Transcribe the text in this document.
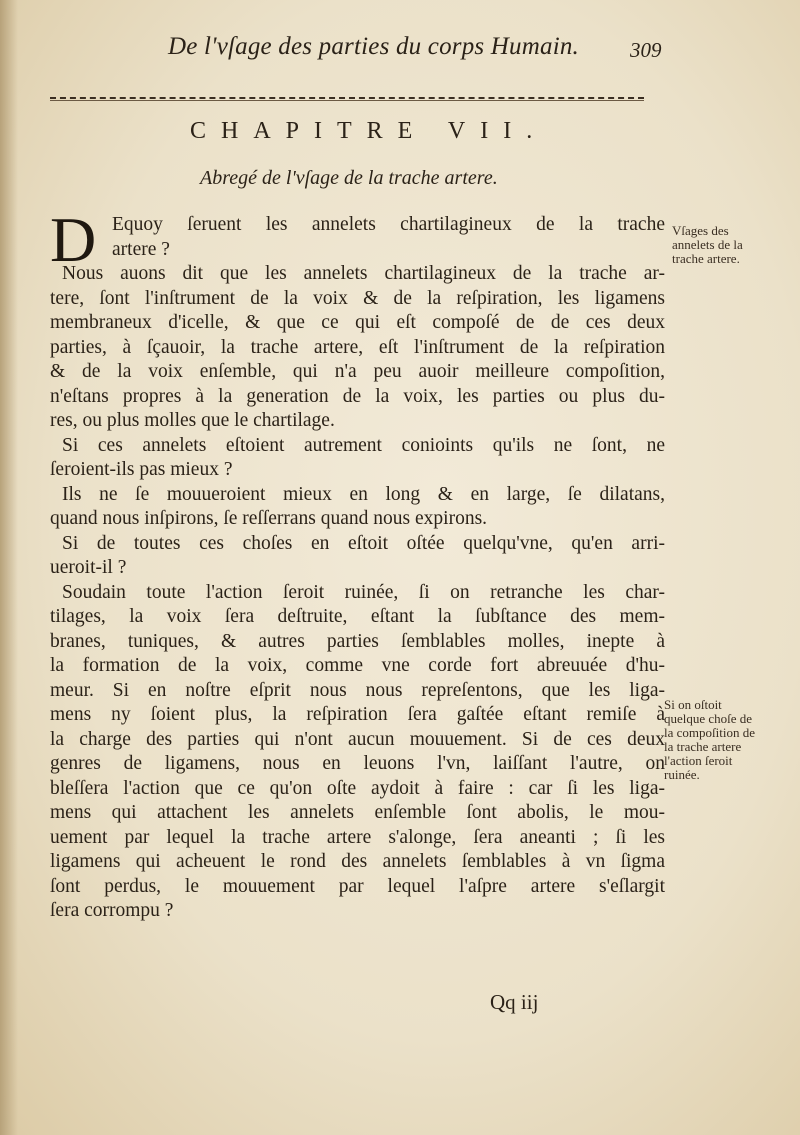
De l'vſage des parties du corps Humain. 309
CHAPITRE VII.
Abregé de l'vſage de la trache artere.
D Equoy ſeruent les annelets chartilagineux de la trache
artere ?
Nous auons dit que les annelets chartilagineux de la trache ar-
tere, ſont l'inſtrument de la voix & de la reſpiration, les ligamens
membraneux d'icelle, & que ce qui eſt compoſé de de ces deux
parties, à ſçauoir, la trache artere, eſt l'inſtrument de la reſpiration
& de la voix enſemble, qui n'a peu auoir meilleure compoſition,
n'eſtans propres à la generation de la voix, les parties ou plus du-
res, ou plus molles que le chartilage.
Si ces annelets eſtoient autrement conioints qu'ils ne ſont, ne
ſeroient-ils pas mieux ?
Ils ne ſe mouueroient mieux en long & en large, ſe dilatans,
quand nous inſpirons, ſe reſſerrans quand nous expirons.
Si de toutes ces choſes en eſtoit oſtée quelqu'vne, qu'en arri-
ueroit-il ?
Soudain toute l'action ſeroit ruinée, ſi on retranche les char-
tilages, la voix ſera deſtruite, eſtant la ſubſtance des mem-
branes, tuniques, & autres parties ſemblables molles, inepte à
la formation de la voix, comme vne corde fort abreuuée d'hu-
meur. Si en noſtre eſprit nous nous repreſentons, que les liga-
mens ny ſoient plus, la reſpiration ſera gaſtée eſtant remiſe à
la charge des parties qui n'ont aucun mouuement. Si de ces deux
genres de ligamens, nous en leuons l'vn, laiſſant l'autre, on
bleſſera l'action que ce qu'on oſte aydoit à faire : car ſi les liga-
mens qui attachent les annelets enſemble ſont abolis, le mou-
uement par lequel la trache artere s'alonge, ſera aneanti ; ſi les
ligamens qui acheuent le rond des annelets ſemblables à vn ſigma
ſont perdus, le mouuement par lequel l'aſpre artere s'eſlargit
ſera corrompu ?
Vſages des annelets de la trache artere.
Si on oſtoit quelque choſe de la compoſition de la trache artere l'action ſeroit ruinée.
Qq iij
